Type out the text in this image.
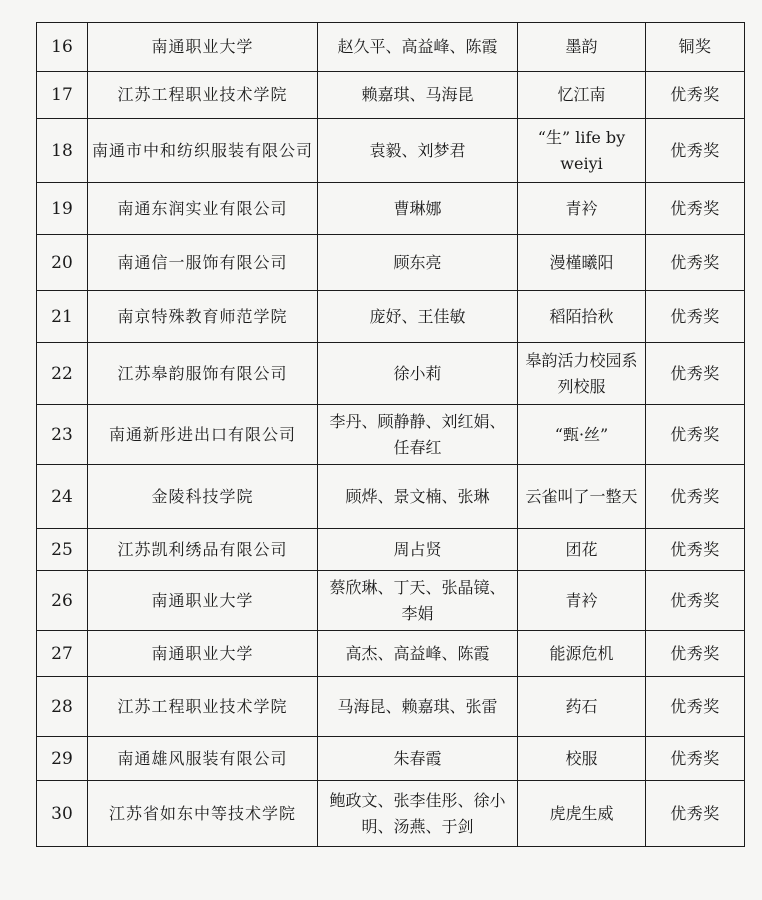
16	南通职业大学	赵久平、高益峰、陈霞	墨韵	铜奖
17	江苏工程职业技术学院	赖嘉琪、马海昆	忆江南	优秀奖
18	南通市中和纺织服装有限公司	袁毅、刘梦君	“生” life by weiyi	优秀奖
19	南通东润实业有限公司	曹琳娜	青衿	优秀奖
20	南通信一服饰有限公司	顾东亮	漫槿曦阳	优秀奖
21	南京特殊教育师范学院	庞妤、王佳敏	稻陌拾秋	优秀奖
22	江苏皋韵服饰有限公司	徐小莉	皋韵活力校园系列校服	优秀奖
23	南通新彤进出口有限公司	李丹、顾静静、刘红娟、任春红	“甄·丝”	优秀奖
24	金陵科技学院	顾烨、景文楠、张琳	云雀叫了一整天	优秀奖
25	江苏凯利绣品有限公司	周占贤	团花	优秀奖
26	南通职业大学	蔡欣琳、丁天、张晶镜、李娟	青衿	优秀奖
27	南通职业大学	高杰、高益峰、陈霞	能源危机	优秀奖
28	江苏工程职业技术学院	马海昆、赖嘉琪、张雷	药石	优秀奖
29	南通雄风服装有限公司	朱春霞	校服	优秀奖
30	江苏省如东中等技术学院	鲍政文、张李佳彤、徐小明、汤燕、于剑	虎虎生威	优秀奖
